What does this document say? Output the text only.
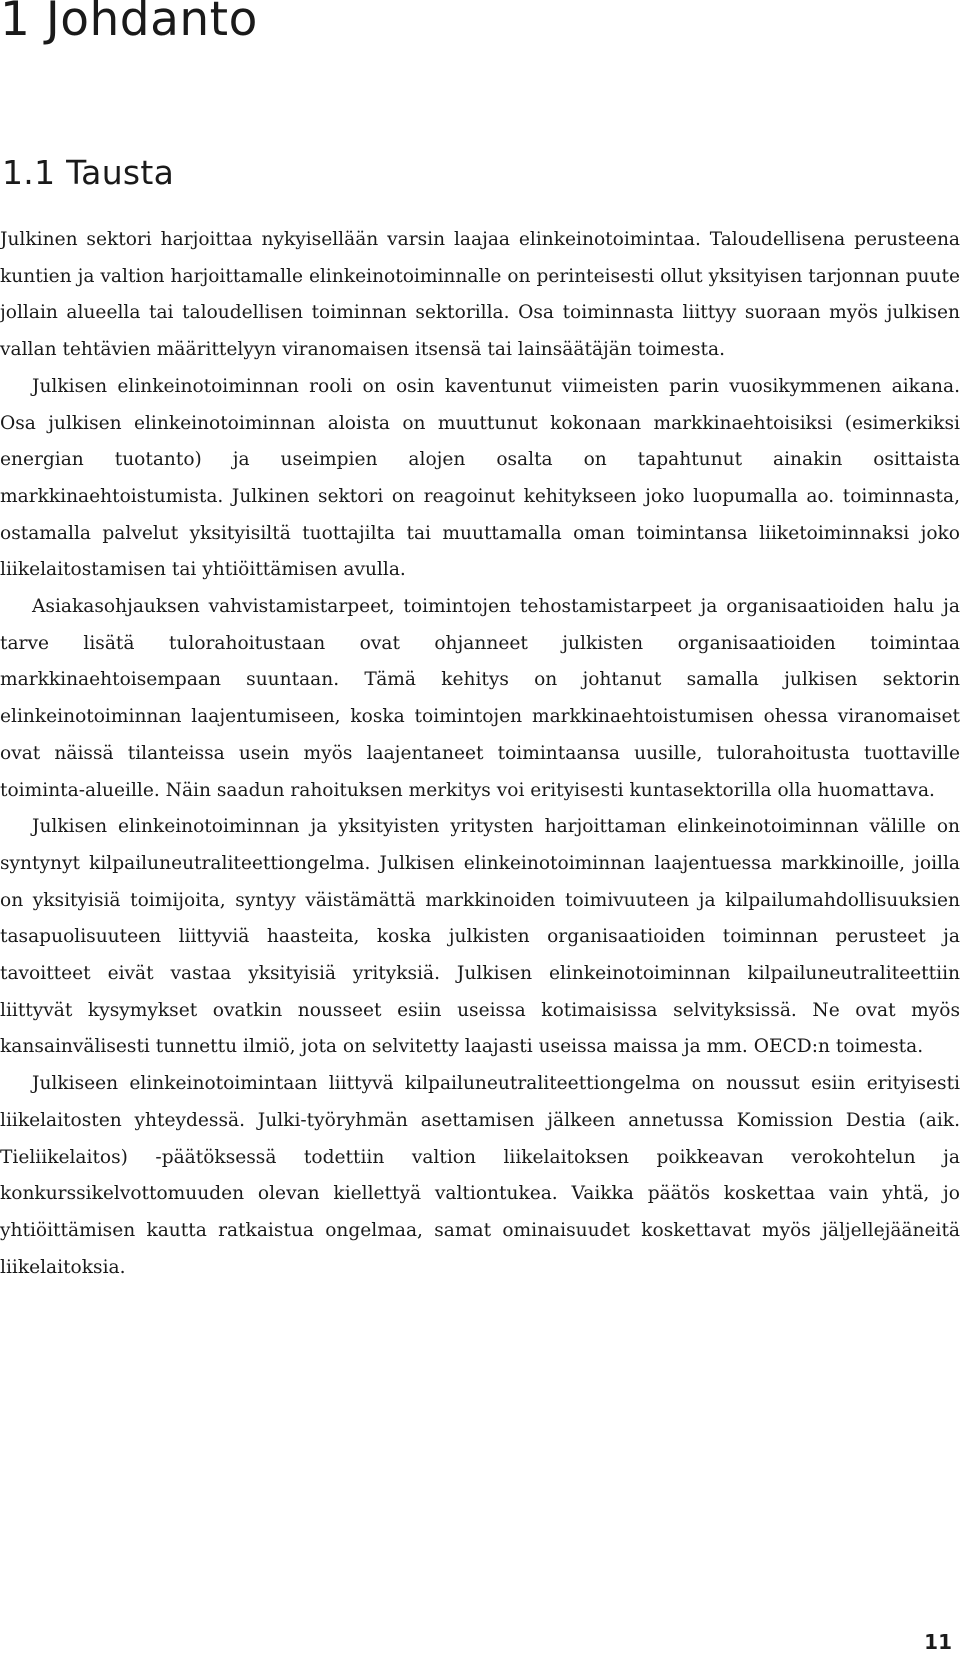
1 Johdanto
1.1 Tausta

Julkinen sektori harjoittaa nykyisellään varsin laajaa elinkeinotoimintaa. Taloudellisena perusteena kuntien ja valtion harjoittamalle elinkeinotoiminnalle on perinteisesti ollut yksityisen tarjonnan puute jollain alueella tai taloudellisen toiminnan sektorilla. Osa toiminnasta liittyy suoraan myös julkisen vallan tehtävien määrittelyyn viranomaisen itsensä tai lainsäätäjän toimesta.

Julkisen elinkeinotoiminnan rooli on osin kaventunut viimeisten parin vuosikymmenen aikana. Osa julkisen elinkeinotoiminnan aloista on muuttunut kokonaan markkinaehtoisiksi (esimerkiksi energian tuotanto) ja useimpien alojen osalta on tapahtunut ainakin osittaista markkinaehtoistumista. Julkinen sektori on reagoinut kehitykseen joko luopumalla ao. toiminnasta, ostamalla palvelut yksityisiltä tuottajilta tai muuttamalla oman toimintansa liiketoiminnaksi joko liikelaitostamisen tai yhtiöittämisen avulla.

Asiakasohjauksen vahvistamistarpeet, toimintojen tehostamistarpeet ja organisaatioiden halu ja tarve lisätä tulorahoitustaan ovat ohjanneet julkisten organisaatioiden toimintaa markkinaehtoisempaan suuntaan. Tämä kehitys on johtanut samalla julkisen sektorin elinkeinotoiminnan laajentumiseen, koska toimintojen markkinaehtoistumisen ohessa viranomaiset ovat näissä tilanteissa usein myös laajentaneet toimintaansa uusille, tulorahoitusta tuottaville toiminta-alueille. Näin saadun rahoituksen merkitys voi erityisesti kuntasektorilla olla huomattava.

Julkisen elinkeinotoiminnan ja yksityisten yritysten harjoittaman elinkeinotoiminnan välille on syntynyt kilpailuneutraliteettiongelma. Julkisen elinkeinotoiminnan laajentuessa markkinoille, joilla on yksityisiä toimijoita, syntyy väistämättä markkinoiden toimivuuteen ja kilpailumahdollisuuksien tasapuolisuuteen liittyviä haasteita, koska julkisten organisaatioiden toiminnan perusteet ja tavoitteet eivät vastaa yksityisiä yrityksiä. Julkisen elinkeinotoiminnan kilpailuneutraliteettiin liittyvät kysymykset ovatkin nousseet esiin useissa kotimaisissa selvityksissä. Ne ovat myös kansainvälisesti tunnettu ilmiö, jota on selvitetty laajasti useissa maissa ja mm. OECD:n toimesta.

Julkiseen elinkeinotoimintaan liittyvä kilpailuneutraliteettiongelma on noussut esiin erityisesti liikelaitosten yhteydessä. Julki-työryhmän asettamisen jälkeen annetussa Komission Destia (aik. Tieliikelaitos) -päätöksessä todettiin valtion liikelaitoksen poikkeavan verokohtelun ja konkurssikelvottomuuden olevan kiellettyä valtiontukea. Vaikka päätös koskettaa vain yhtä, jo yhtiöittämisen kautta ratkaistua ongelmaa, samat ominaisuudet koskettavat myös jäljellejääneitä liikelaitoksia.

11
